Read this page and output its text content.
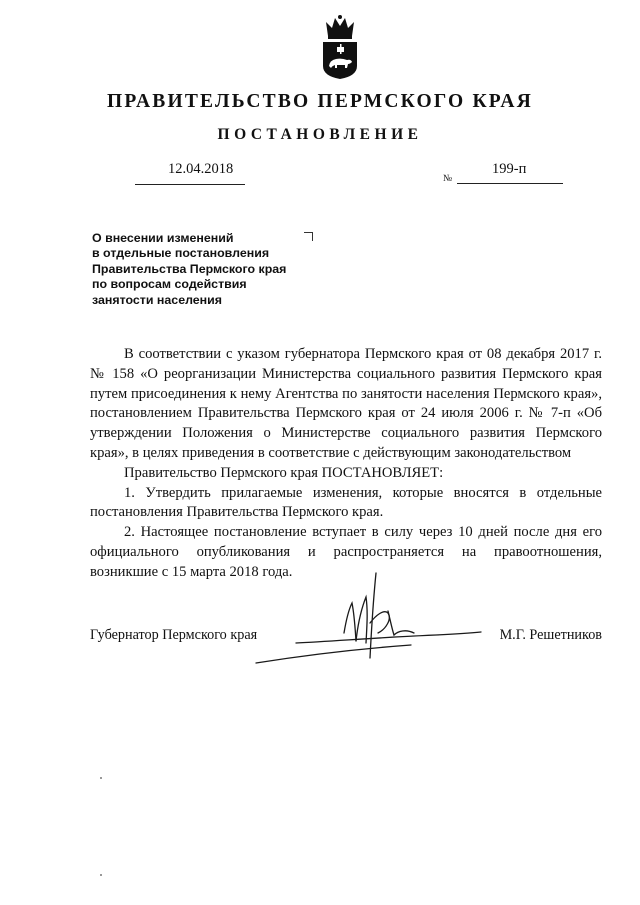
ПРАВИТЕЛЬСТВО ПЕРМСКОГО КРАЯ
ПОСТАНОВЛЕНИЕ
12.04.2018
№
199-п
О внесении изменений
в отдельные постановления
Правительства Пермского края
по вопросам содействия
занятости населения

В соответствии с указом губернатора Пермского края от 08 декабря 2017 г. № 158 «О реорганизации Министерства социального развития Пермского края путем присоединения к нему Агентства по занятости населения Пермского края», постановлением Правительства Пермского края от 24 июля 2006 г. № 7-п «Об утверждении Положения о Министерстве социального развития Пермского края», в целях приведения в соответствие с действующим законодательством

Правительство Пермского края ПОСТАНОВЛЯЕТ:

1. Утвердить прилагаемые изменения, которые вносятся в отдельные постановления Правительства Пермского края.

2. Настоящее постановление вступает в силу через 10 дней после дня его официального опубликования и распространяется на правоотношения, возникшие с 15 марта 2018 года.

Губернатор Пермского края	М.Г. Решетников
